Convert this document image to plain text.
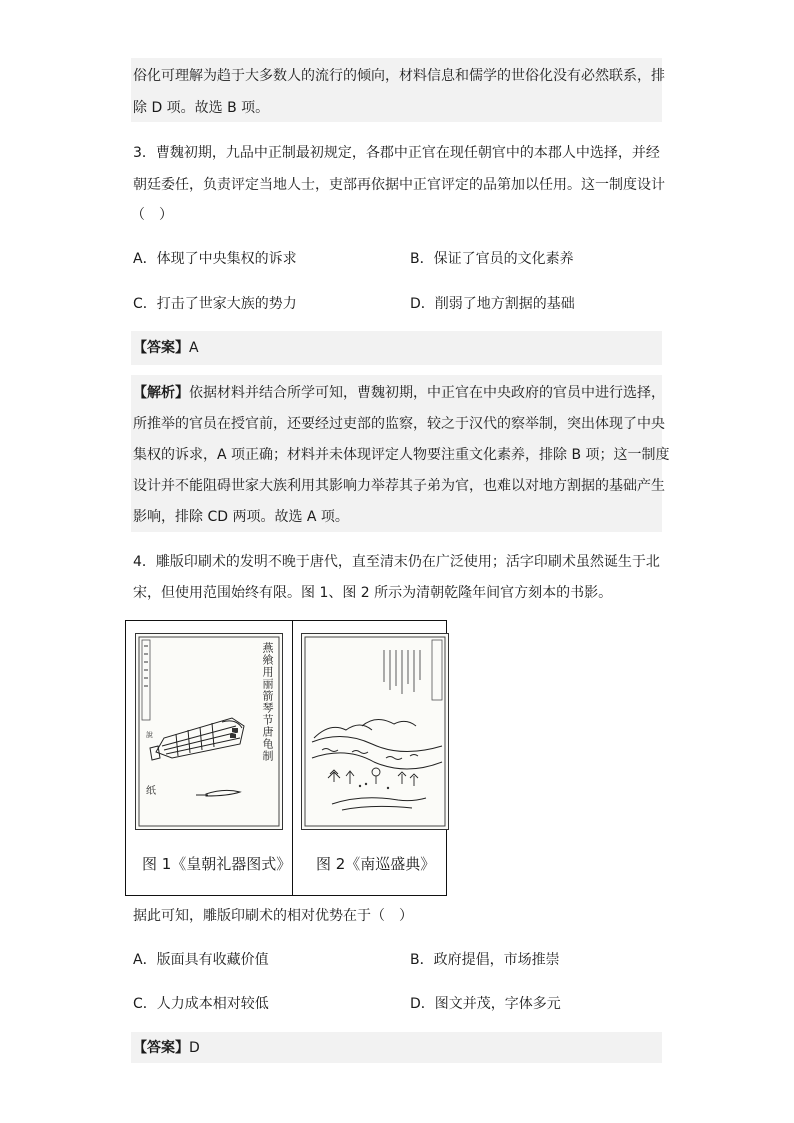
俗化可理解为趋于大多数人的流行的倾向，材料信息和儒学的世俗化没有必然联系，排
除 D 项。故选 B 项。
3．曹魏初期，九品中正制最初规定，各郡中正官在现任朝官中的本郡人中选择，并经
朝廷委任，负责评定当地人士，吏部再依据中正官评定的品第加以任用。这一制度设计
（　）
A．体现了中央集权的诉求	B．保证了官员的文化素养
C．打击了世家大族的势力	D．削弱了地方割据的基础
【答案】A
【解析】依据材料并结合所学可知，曹魏初期，中正官在中央政府的官员中进行选择，
所推举的官员在授官前，还要经过吏部的监察，较之于汉代的察举制，突出体现了中央
集权的诉求，A 项正确；材料并未体现评定人物要注重文化素养，排除 B 项；这一制度
设计并不能阻碍世家大族利用其影响力举荐其子弟为官，也难以对地方割据的基础产生
影响，排除 CD 两项。故选 A 项。
4．雕版印刷术的发明不晚于唐代，直至清末仍在广泛使用；活字印刷术虽然诞生于北
宋，但使用范围始终有限。图 1、图 2 所示为清朝乾隆年间官方刻本的书影。
纸
說	燕飨用丽箭琴节唐龟制
图 1《皇朝礼器图式》 图 2《南巡盛典》
据此可知，雕版印刷术的相对优势在于（　）
A．版面具有收藏价值	B．政府提倡，市场推崇
C．人力成本相对较低	D．图文并茂，字体多元
【答案】D
